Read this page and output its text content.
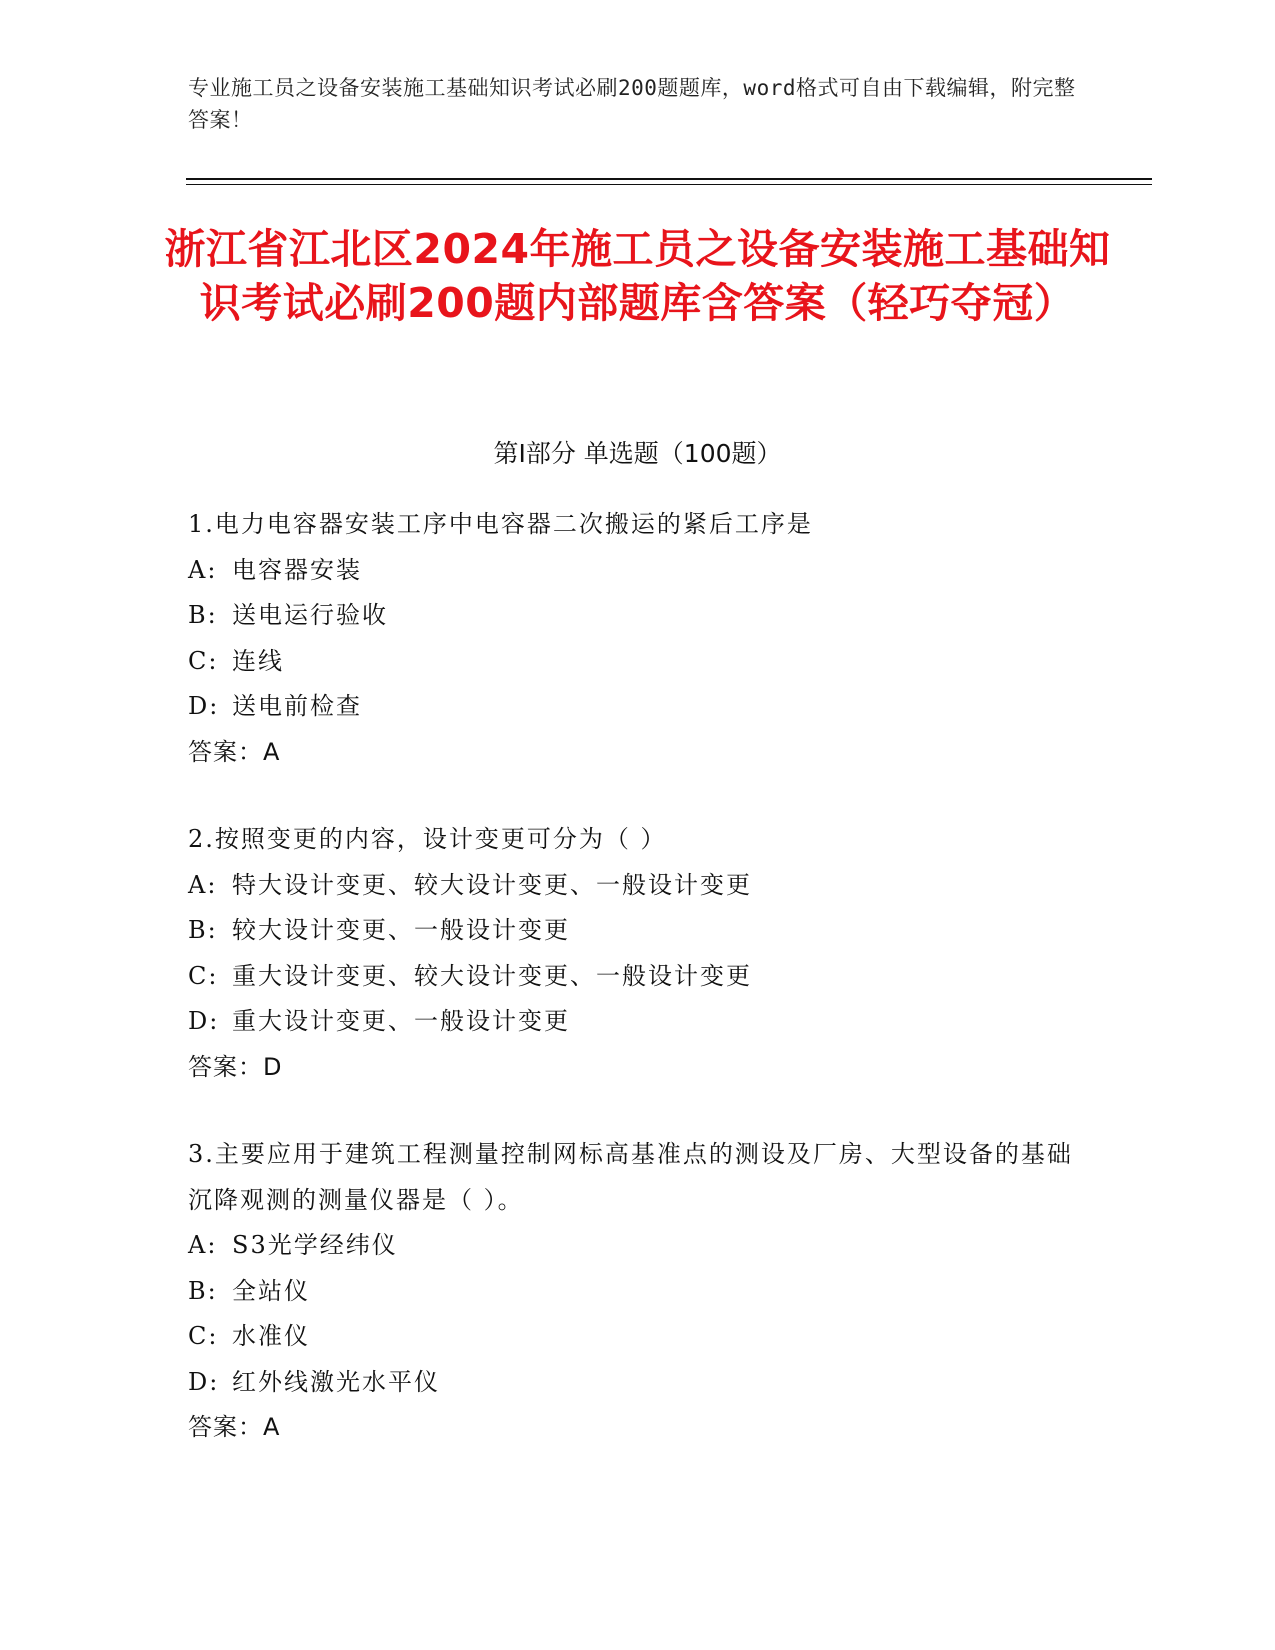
专业施工员之设备安装施工基础知识考试必刷200题题库，word格式可自由下载编辑，附完整答案！
浙江省江北区2024年施工员之设备安装施工基础知识考试必刷200题内部题库含答案（轻巧夺冠）
第I部分 单选题（100题）
1.电力电容器安装工序中电容器二次搬运的紧后工序是
A: 电容器安装
B: 送电运行验收
C: 连线
D: 送电前检查
答案：A
2.按照变更的内容，设计变更可分为（ ）
A: 特大设计变更、较大设计变更、一般设计变更
B: 较大设计变更、一般设计变更
C: 重大设计变更、较大设计变更、一般设计变更
D: 重大设计变更、一般设计变更
答案：D
3.主要应用于建筑工程测量控制网标高基准点的测设及厂房、大型设备的基础沉降观测的测量仪器是（ ）。
A: S3光学经纬仪
B: 全站仪
C: 水准仪
D: 红外线激光水平仪
答案：A
